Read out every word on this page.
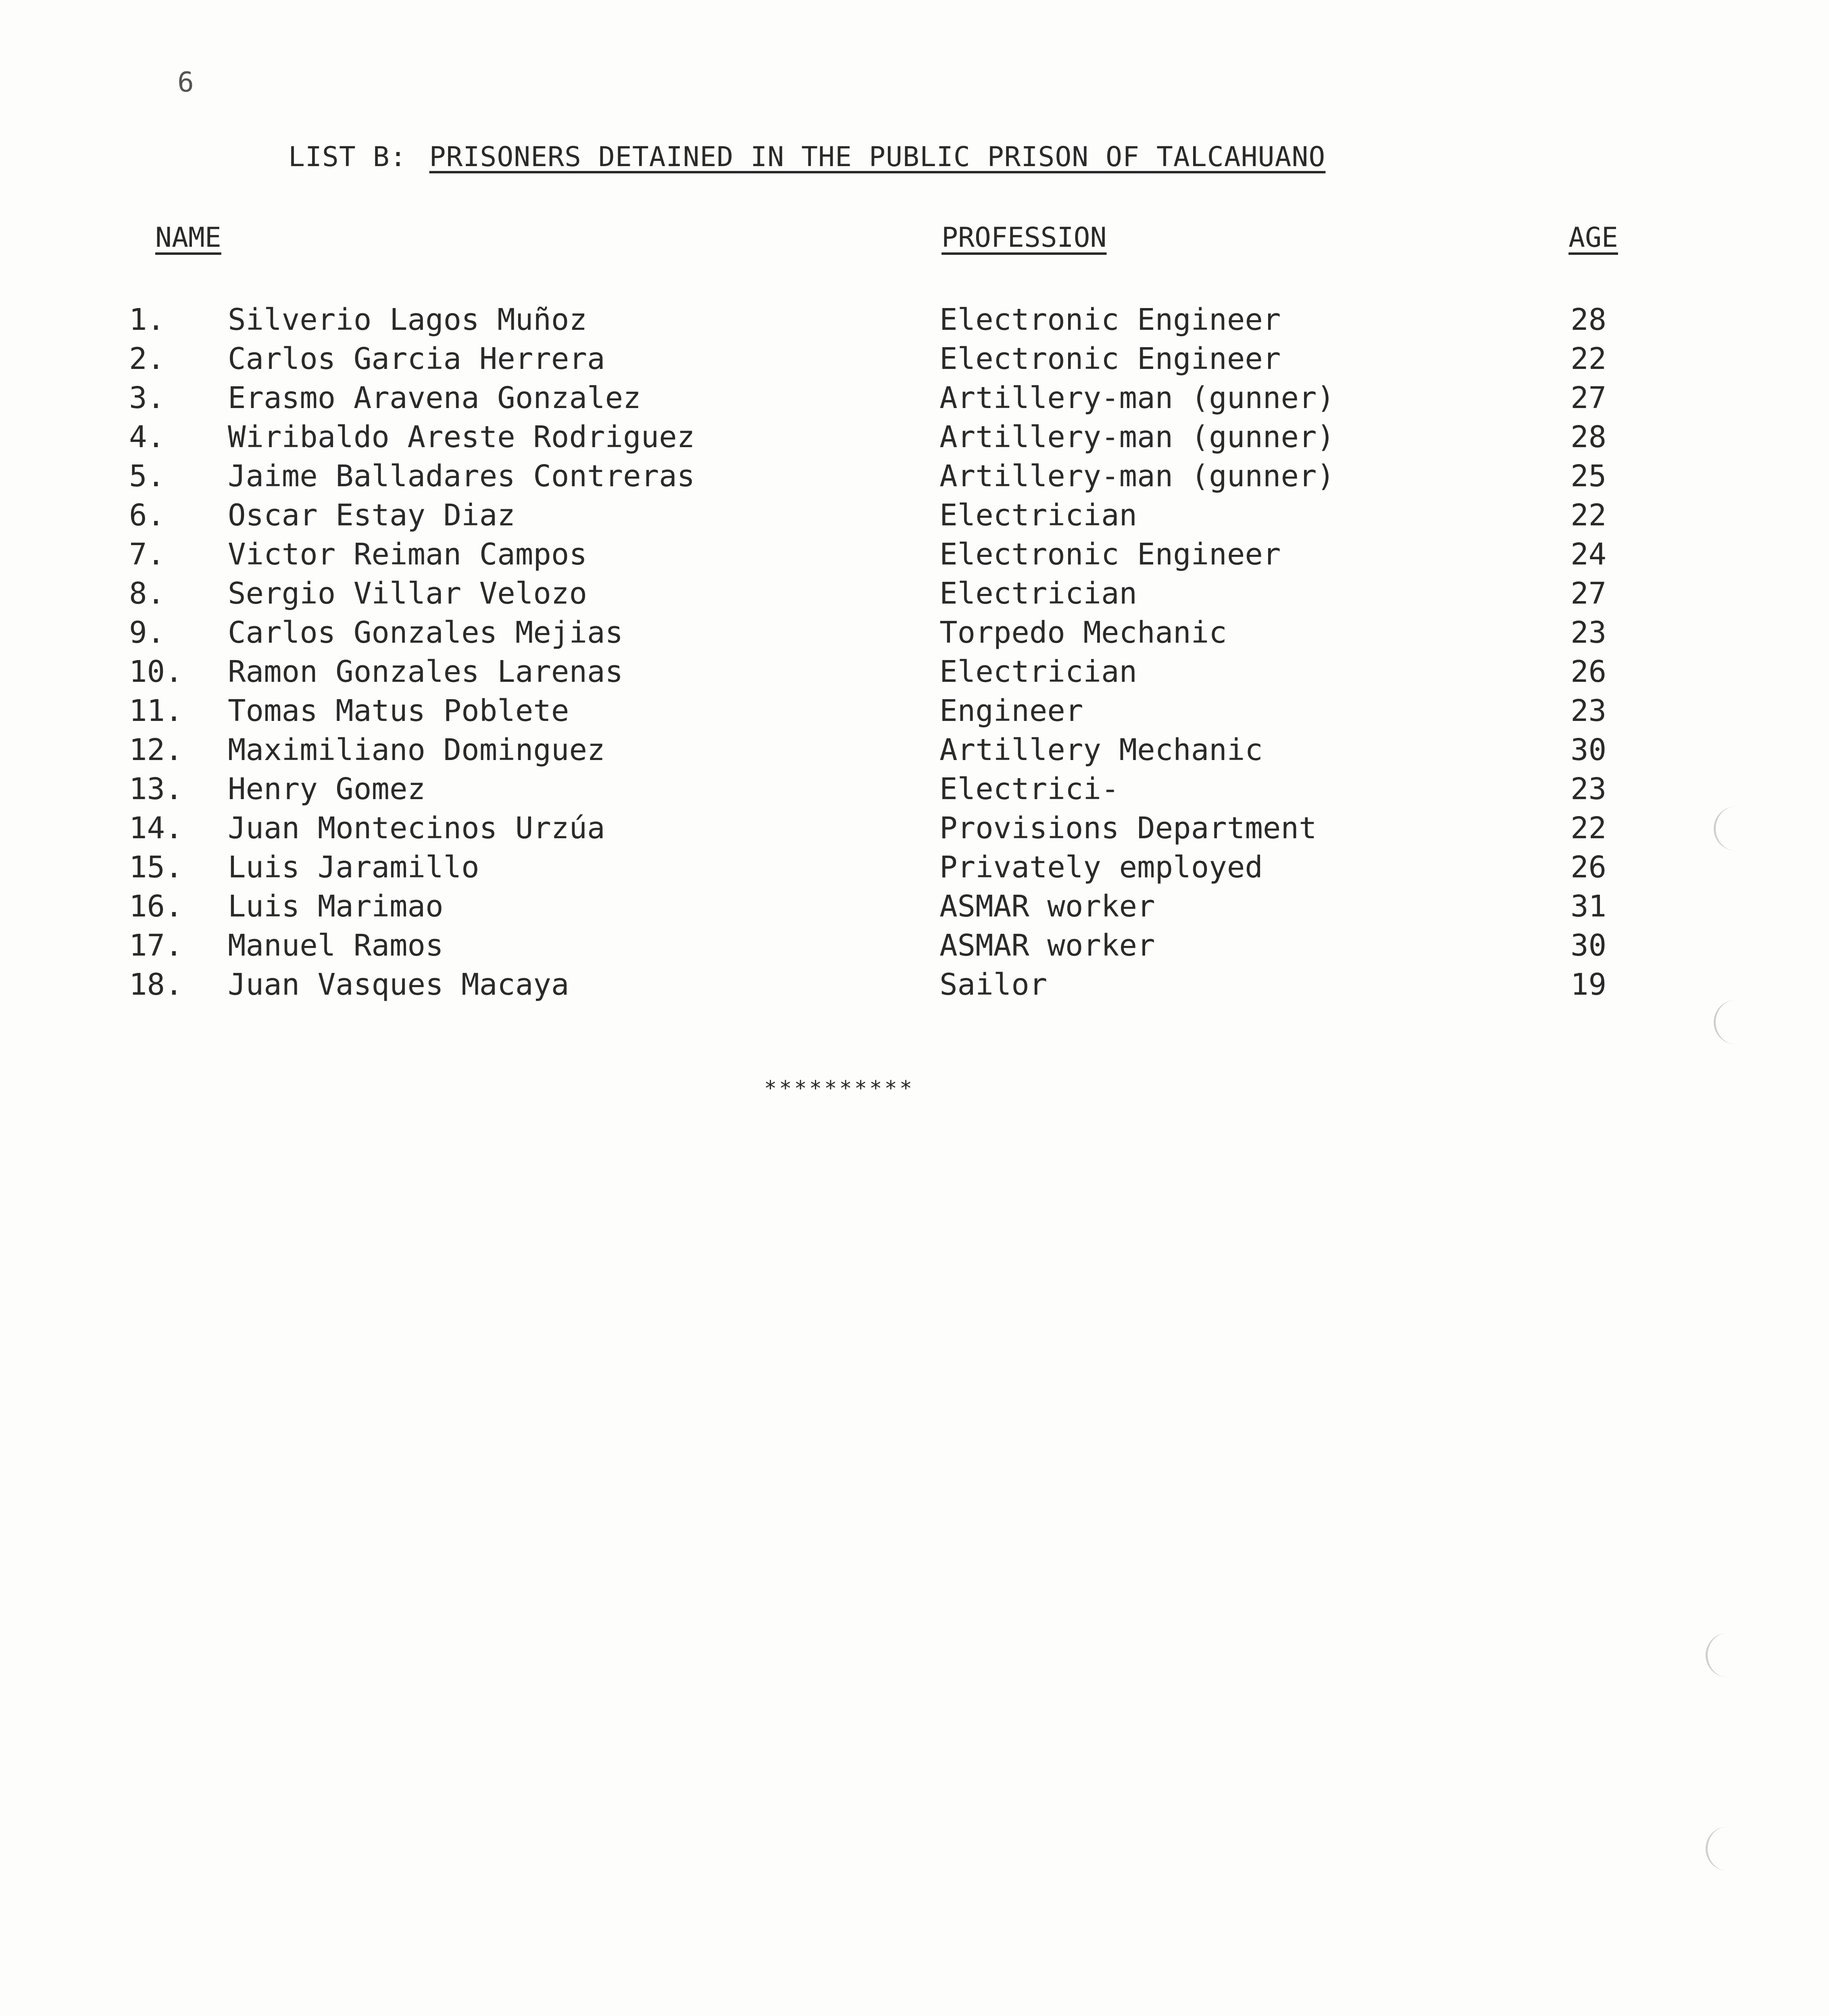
6
LIST B: PRISONERS DETAINED IN THE PUBLIC PRISON OF TALCAHUANO
NAME	PROFESSION	AGE
1.	Silverio Lagos Muñoz	Electronic Engineer	28
2.	Carlos Garcia Herrera	Electronic Engineer	22
3.	Erasmo Aravena Gonzalez	Artillery-man (gunner)	27
4.	Wiribaldo Areste Rodriguez	Artillery-man (gunner)	28
5.	Jaime Balladares Contreras	Artillery-man (gunner)	25
6.	Oscar Estay Diaz	Electrician	22
7.	Victor Reiman Campos	Electronic Engineer	24
8.	Sergio Villar Velozo	Electrician	27
9.	Carlos Gonzales Mejias	Torpedo Mechanic	23
10.	Ramon Gonzales Larenas	Electrician	26
11.	Tomas Matus Poblete	Engineer	23
12.	Maximiliano Dominguez	Artillery Mechanic	30
13.	Henry Gomez	Electrici-	23
14.	Juan Montecinos Urzúa	Provisions Department	22
15.	Luis Jaramillo	Privately employed	26
16.	Luis Marimao	ASMAR worker	31
17.	Manuel Ramos	ASMAR worker	30
18.	Juan Vasques Macaya	Sailor	19
**********
